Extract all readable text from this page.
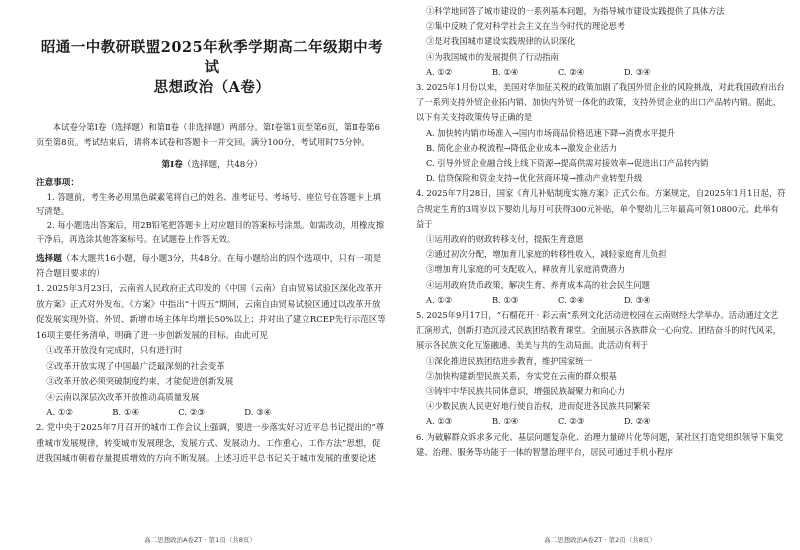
昭通一中教研联盟2025年秋季学期高二年级期中考试
思想政治（A卷）

本试卷分第Ⅰ卷（选择题）和第Ⅱ卷（非选择题）两部分。第Ⅰ卷第1页至第6页，第Ⅱ卷第6页至第8页。考试结束后，请将本试卷和答题卡一并交回。满分100分，考试用时75分钟。

第Ⅰ卷（选择题，共48分）
注意事项：

1. 答题前，考生务必用黑色碳素笔将自己的姓名、准考证号、考场号、座位号在答题卡上填写清楚。

2. 每小题选出答案后，用2B铅笔把答题卡上对应题目的答案标号涂黑。如需改动，用橡皮擦干净后，再选涂其他答案标号。在试题卷上作答无效。

选择题（本大题共16小题，每小题3分，共48分。在每小题给出的四个选项中，只有一项是符合题目要求的）

1. 2025年3月23日，云南省人民政府正式印发的《中国（云南）自由贸易试验区深化改革开放方案》正式对外发布。《方案》中指出“十四五”期间，云南自由贸易试验区通过以改革开放促发展实现外资、外贸、新增市场主体年均增长50%以上；并对出了建立RCEP先行示范区等16项主要任务清单，明确了进一步创新发展的目标。由此可见

①改革开放没有完成时，只有进行时

②改革开放实现了中国最广泛最深刻的社会变革

③改革开放必须突破制度约束，才能促进创新发展

④云南以深层次改革开放推动高质量发展

A. ①②	B. ①④	C. ②③	D. ③④

2. 党中央于2025年7月召开的城市工作会议上强调，要进一步落实好习近平总书记提出的“尊重城市发展规律，转变城市发展理念，发展方式、发展动力、工作重心、工作方法”思想，促进我国城市朝着存量提质增效的方向不断发展。上述习近平总书记关于城市发展的重要论述

高二思想政治A卷ZT · 第1页（共8页）

①科学地回答了城市建设的一系列基本问题，为指导城市建设实践提供了具体方法

②集中反映了党对科学社会主义在当今时代的理论思考

③是对我国城市建设实践规律的认识深化

④为我国城市的发展提供了行动指南

A. ①②	B. ①④	C. ②④	D. ③④

3. 2025年1月份以来，美国对华加征关税的政策加剧了我国外贸企业的风险挑战，对此我国政府出台了一系列支持外贸企业拓内销、加快内外贸一体化的政策，支持外贸企业的出口产品转内销。据此，以下有关支持政策传导正确的是

A. 加快转内销市场准入→国内市场商品价格迅速下降→消费水平提升

B. 简化企业办税流程→降低企业成本→激发企业活力

C. 引导外贸企业融合线上线下资源→提高供需对接效率→促进出口产品转内销

D. 信贷保险和资金支持→优化营商环境→推动产业转型升级

4. 2025年7月28日，国家《育儿补贴制度实施方案》正式公布。方案规定，自2025年1月1日起，符合规定生育的3周岁以下婴幼儿每月可获得300元补贴，单个婴幼儿三年最高可领10800元。此举有益于

①运用政府的财政转移支付，提振生育意愿

②通过初次分配，增加育儿家庭的转移性收入，减轻家庭育儿负担

③增加育儿家庭的可支配收入，释放育儿家庭消费潜力

④运用政府货币政策，解决生育、养育成本高的社会民生问题

A. ①②	B. ①③	C. ②④	D. ③④

5. 2025年9月17日，“石榴花开 · 彩云南”系列文化活动进校园在云南财经大学举办。活动通过文艺汇演形式，创新打造沉浸式民族团结教育课堂。全面展示各族群众一心向党、团结奋斗的时代风采，展示各民族文化互鉴融通、美美与共的生动局面。此活动有利于

①深化推进民族团结进步教育，维护国家统一

②加快构建新型民族关系，夯实党在云南的群众根基

③铸牢中华民族共同体意识，增强民族凝聚力和向心力

④少数民族人民更好地行使自治权，进而促进各民族共同繁荣

A. ①③	B. ①④	C. ②③	D. ②④

6. 为破解群众诉求多元化、基层问题复杂化、治理力量碎片化等问题，某社区打造党组织领导下集党建、治理、服务等功能于一体的智慧治理平台，居民可通过手机小程序

高二思想政治A卷ZT · 第2页（共8页）
